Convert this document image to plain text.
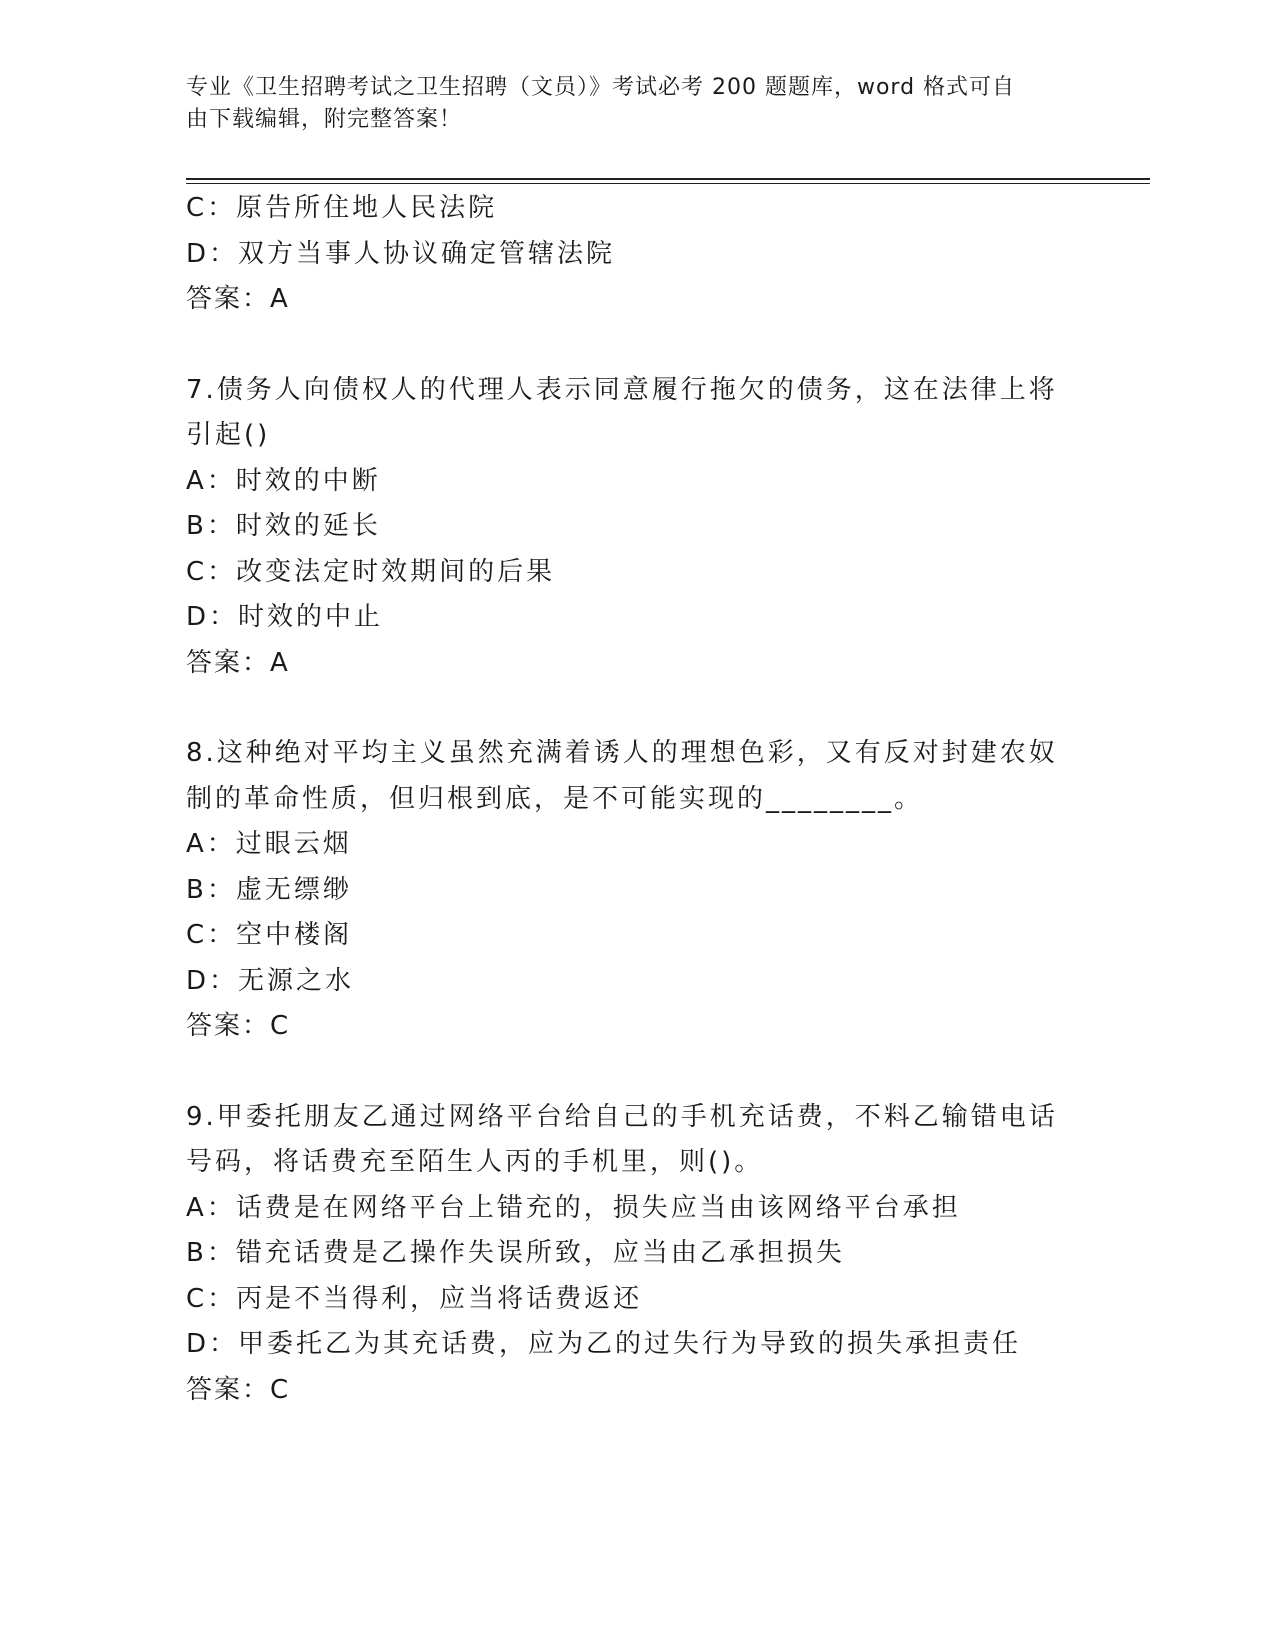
专业《卫生招聘考试之卫生招聘（文员）》考试必考 200 题题库，word 格式可自
由下载编辑，附完整答案！
C：原告所住地人民法院
D：双方当事人协议确定管辖法院
答案：A
7.债务人向债权人的代理人表示同意履行拖欠的债务，这在法律上将
引起()
A：时效的中断
B：时效的延长
C：改变法定时效期间的后果
D：时效的中止
答案：A
8.这种绝对平均主义虽然充满着诱人的理想色彩，又有反对封建农奴
制的革命性质，但归根到底，是不可能实现的________。
A：过眼云烟
B：虚无缥缈
C：空中楼阁
D：无源之水
答案：C
9.甲委托朋友乙通过网络平台给自己的手机充话费，不料乙输错电话
号码，将话费充至陌生人丙的手机里，则()。
A：话费是在网络平台上错充的，损失应当由该网络平台承担
B：错充话费是乙操作失误所致，应当由乙承担损失
C：丙是不当得利，应当将话费返还
D：甲委托乙为其充话费，应为乙的过失行为导致的损失承担责任
答案：C
